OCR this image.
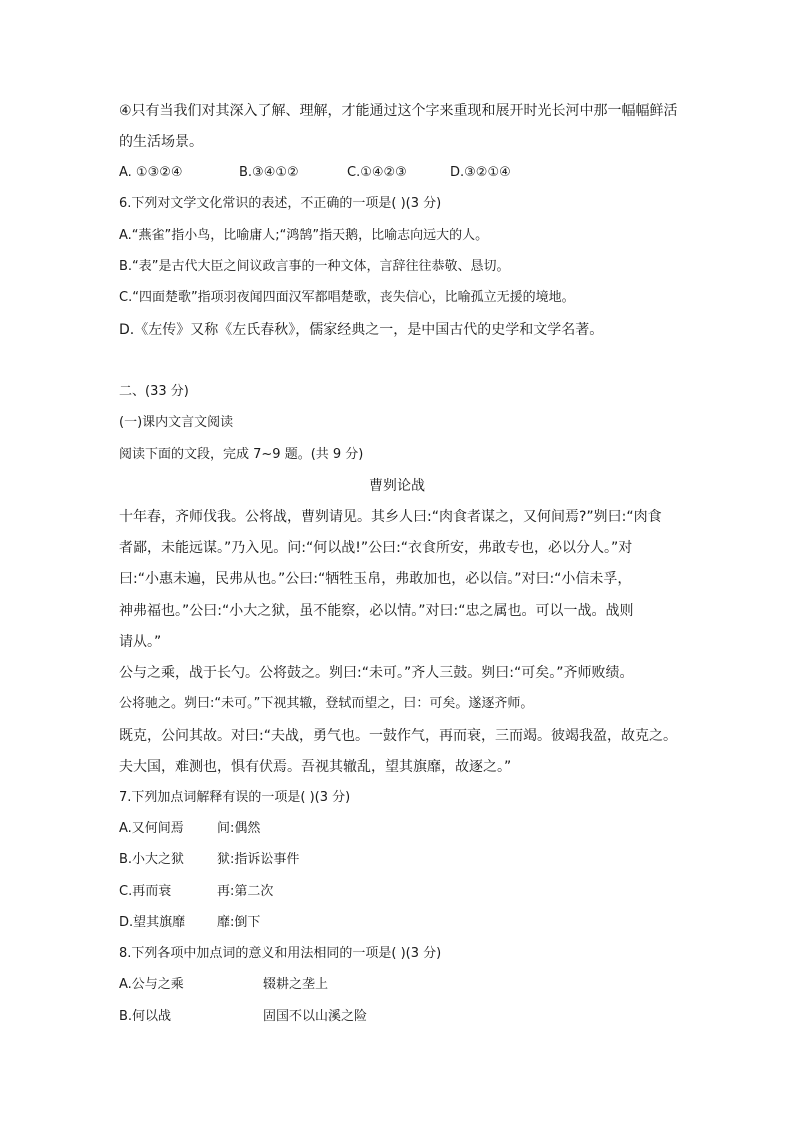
④只有当我们对其深入了解、理解，才能通过这个字来重现和展开时光长河中那一幅幅鲜活

的生活场景。

A. ①③②④	B.③④①②	C.①④②③	D.③②①④

6.下列对文学文化常识的表述，不正确的一项是( )(3 分)

A.“燕雀”指小鸟，比喻庸人;“鸿鹄”指天鹅，比喻志向远大的人。

B.“表”是古代大臣之间议政言事的一种文体，言辞往往恭敬、恳切。

C.“四面楚歌”指项羽夜闻四面汉军都唱楚歌，丧失信心，比喻孤立无援的境地。

D.《左传》又称《左氏春秋》，儒家经典之一，是中国古代的史学和文学名著。

二、(33 分)

(一)课内文言文阅读

阅读下面的文段，完成 7~9 题。(共 9 分)

曹刿论战

十年春，齐师伐我。公将战，曹刿请见。其乡人曰:“肉食者谋之，又何间焉?”刿曰:“肉食

者鄙，未能远谋。”乃入见。问:“何以战!”公曰:“衣食所安，弗敢专也，必以分人。”对

曰:“小惠未遍，民弗从也。”公曰:“牺牲玉帛，弗敢加也，必以信。”对曰:“小信未孚，

神弗福也。”公曰:“小大之狱，虽不能察，必以情。”对曰:“忠之属也。可以一战。战则

请从。”

公与之乘，战于长勺。公将鼓之。刿曰:“未可。”齐人三鼓。刿曰:“可矣。”齐师败绩。

公将驰之。刿曰:“未可。”下视其辙，登轼而望之，曰：可矣。遂逐齐师。

既克，公问其故。对曰:“夫战，勇气也。一鼓作气，再而衰，三而竭。彼竭我盈，故克之。

夫大国，难测也，惧有伏焉。吾视其辙乱，望其旗靡，故逐之。”

7.下列加点词解释有误的一项是( )(3 分)

A.又何间焉	间:偶然
B.小大之狱	狱:指诉讼事件
C.再而衰	再:第二次
D.望其旗靡 靡:倒下

8.下列各项中加点词的意义和用法相同的一项是( )(3 分)

A.公与之乘	辍耕之垄上
B.何以战	固国不以山溪之险
